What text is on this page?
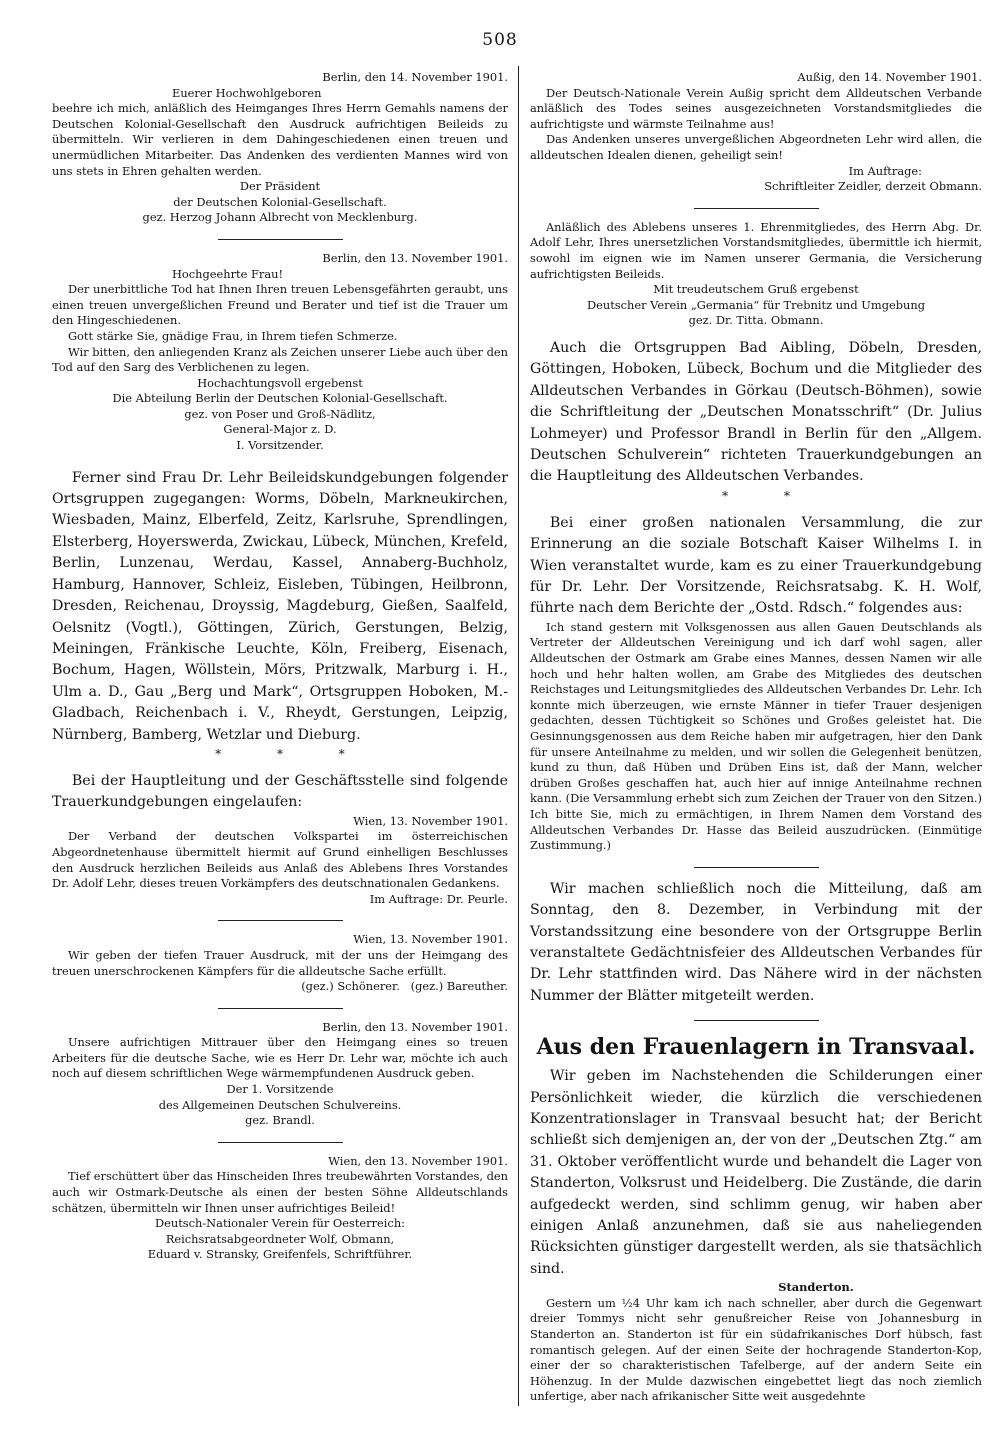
508

Berlin, den 14. November 1901.

Euerer Hochwohlgeboren

beehre ich mich, anläßlich des Heimganges Ihres Herrn Gemahls namens der Deutschen Kolonial-Gesellschaft den Ausdruck aufrichtigen Beileids zu übermitteln. Wir verlieren in dem Dahingeschiedenen einen treuen und unermüdlichen Mitarbeiter. Das Andenken des verdienten Mannes wird von uns stets in Ehren gehalten werden.

Der Präsident

der Deutschen Kolonial-Gesellschaft.

gez. Herzog Johann Albrecht von Mecklenburg.

Berlin, den 13. November 1901.

Hochgeehrte Frau!

Der unerbittliche Tod hat Ihnen Ihren treuen Lebensgefährten geraubt, uns einen treuen unvergeßlichen Freund und Berater und tief ist die Trauer um den Hingeschiedenen.

Gott stärke Sie, gnädige Frau, in Ihrem tiefen Schmerze.

Wir bitten, den anliegenden Kranz als Zeichen unserer Liebe auch über den Tod auf den Sarg des Verblichenen zu legen.

Hochachtungsvoll ergebenst

Die Abteilung Berlin der Deutschen Kolonial-Gesellschaft.

gez. von Poser und Groß-Nädlitz,

General-Major z. D.

I. Vorsitzender.

Ferner sind Frau Dr. Lehr Beileidskundgebungen folgender Ortsgruppen zugegangen: Worms, Döbeln, Markneukirchen, Wiesbaden, Mainz, Elberfeld, Zeitz, Karlsruhe, Sprendlingen, Elsterberg, Hoyerswerda, Zwickau, Lübeck, München, Krefeld, Berlin, Lunzenau, Werdau, Kassel, Annaberg-Buchholz, Hamburg, Hannover, Schleiz, Eisleben, Tübingen, Heilbronn, Dresden, Reichenau, Droyssig, Magdeburg, Gießen, Saalfeld, Oelsnitz (Vogtl.), Göttingen, Zürich, Gerstungen, Belzig, Meiningen, Fränkische Leuchte, Köln, Freiberg, Eisenach, Bochum, Hagen, Wöllstein, Mörs, Pritzwalk, Marburg i. H., Ulm a. D., Gau „Berg und Mark“, Ortsgruppen Hoboken, M.-Gladbach, Reichenbach i. V., Rheydt, Gerstungen, Leipzig, Nürnberg, Bamberg, Wetzlar und Dieburg.

* * *

Bei der Hauptleitung und der Geschäftsstelle sind folgende Trauerkundgebungen eingelaufen:

Wien, 13. November 1901.

Der Verband der deutschen Volkspartei im österreichischen Abgeordnetenhause übermittelt hiermit auf Grund einhelligen Beschlusses den Ausdruck herzlichen Beileids aus Anlaß des Ablebens Ihres Vorstandes Dr. Adolf Lehr, dieses treuen Vorkämpfers des deutschnationalen Gedankens.

Im Auftrage: Dr. Peurle.

Wien, 13. November 1901.

Wir geben der tiefen Trauer Ausdruck, mit der uns der Heimgang des treuen unerschrockenen Kämpfers für die alldeutsche Sache erfüllt.

(gez.) Schönerer.   (gez.) Bareuther.

Berlin, den 13. November 1901.

Unsere aufrichtigen Mittrauer über den Heimgang eines so treuen Arbeiters für die deutsche Sache, wie es Herr Dr. Lehr war, möchte ich auch noch auf diesem schriftlichen Wege wärmempfundenen Ausdruck geben.

Der 1. Vorsitzende

des Allgemeinen Deutschen Schulvereins.

gez. Brandl.

Wien, den 13. November 1901.

Tief erschüttert über das Hinscheiden Ihres treubewährten Vorstandes, den auch wir Ostmark-Deutsche als einen der besten Söhne Alldeutschlands schätzen, übermitteln wir Ihnen unser aufrichtiges Beileid!

Deutsch-Nationaler Verein für Oesterreich:

Reichsratsabgeordneter Wolf, Obmann,

Eduard v. Stransky, Greifenfels, Schriftführer.

Außig, den 14. November 1901.

Der Deutsch-Nationale Verein Außig spricht dem Alldeutschen Verbande anläßlich des Todes seines ausgezeichneten Vorstandsmitgliedes die aufrichtigste und wärmste Teilnahme aus!

Das Andenken unseres unvergeßlichen Abgeordneten Lehr wird allen, die alldeutschen Idealen dienen, geheiligt sein!

Im Auftrage:

Schriftleiter Zeidler, derzeit Obmann.

Anläßlich des Ablebens unseres 1. Ehrenmitgliedes, des Herrn Abg. Dr. Adolf Lehr, Ihres unersetzlichen Vorstandsmitgliedes, übermittle ich hiermit, sowohl im eignen wie im Namen unserer Germania, die Versicherung aufrichtigsten Beileids.

Mit treudeutschem Gruß ergebenst

Deutscher Verein „Germania“ für Trebnitz und Umgebung

gez. Dr. Titta. Obmann.

Auch die Ortsgruppen Bad Aibling, Döbeln, Dresden, Göttingen, Hoboken, Lübeck, Bochum und die Mitglieder des Alldeutschen Verbandes in Görkau (Deutsch-Böhmen), sowie die Schriftleitung der „Deutschen Monatsschrift“ (Dr. Julius Lohmeyer) und Professor Brandl in Berlin für den „Allgem. Deutschen Schulverein“ richteten Trauerkundgebungen an die Hauptleitung des Alldeutschen Verbandes.

* *

Bei einer großen nationalen Versammlung, die zur Erinnerung an die soziale Botschaft Kaiser Wilhelms I. in Wien veranstaltet wurde, kam es zu einer Trauerkundgebung für Dr. Lehr. Der Vorsitzende, Reichsratsabg. K. H. Wolf, führte nach dem Berichte der „Ostd. Rdsch.“ folgendes aus:

Ich stand gestern mit Volksgenossen aus allen Gauen Deutschlands als Vertreter der Alldeutschen Vereinigung und ich darf wohl sagen, aller Alldeutschen der Ostmark am Grabe eines Mannes, dessen Namen wir alle hoch und hehr halten wollen, am Grabe des Mitgliedes des deutschen Reichstages und Leitungsmitgliedes des Alldeutschen Verbandes Dr. Lehr. Ich konnte mich überzeugen, wie ernste Männer in tiefer Trauer desjenigen gedachten, dessen Tüchtigkeit so Schönes und Großes geleistet hat. Die Gesinnungsgenossen aus dem Reiche haben mir aufgetragen, hier den Dank für unsere Anteilnahme zu melden, und wir sollen die Gelegenheit benützen, kund zu thun, daß Hüben und Drüben Eins ist, daß der Mann, welcher drüben Großes geschaffen hat, auch hier auf innige Anteilnahme rechnen kann. (Die Versammlung erhebt sich zum Zeichen der Trauer von den Sitzen.) Ich bitte Sie, mich zu ermächtigen, in Ihrem Namen dem Vorstand des Alldeutschen Verbandes Dr. Hasse das Beileid auszudrücken. (Einmütige Zustimmung.)

Wir machen schließlich noch die Mitteilung, daß am Sonntag, den 8. Dezember, in Verbindung mit der Vorstandssitzung eine besondere von der Ortsgruppe Berlin veranstaltete Gedächtnisfeier des Alldeutschen Verbandes für Dr. Lehr stattfinden wird. Das Nähere wird in der nächsten Nummer der Blätter mitgeteilt werden.

Aus den Frauenlagern in Transvaal.

Wir geben im Nachstehenden die Schilderungen einer Persönlichkeit wieder, die kürzlich die verschiedenen Konzentrationslager in Transvaal besucht hat; der Bericht schließt sich demjenigen an, der von der „Deutschen Ztg.“ am 31. Oktober veröffentlicht wurde und behandelt die Lager von Standerton, Volksrust und Heidelberg. Die Zustände, die darin aufgedeckt werden, sind schlimm genug, wir haben aber einigen Anlaß anzunehmen, daß sie aus naheliegenden Rücksichten günstiger dargestellt werden, als sie thatsächlich sind.

Standerton.

Gestern um ½4 Uhr kam ich nach schneller, aber durch die Gegenwart dreier Tommys nicht sehr genußreicher Reise von Johannesburg in Standerton an. Standerton ist für ein südafrikanisches Dorf hübsch, fast romantisch gelegen. Auf der einen Seite der hochragende Standerton-Kop, einer der so charakteristischen Tafelberge, auf der andern Seite ein Höhenzug. In der Mulde dazwischen eingebettet liegt das noch ziemlich unfertige, aber nach afrikanischer Sitte weit ausgedehnte
